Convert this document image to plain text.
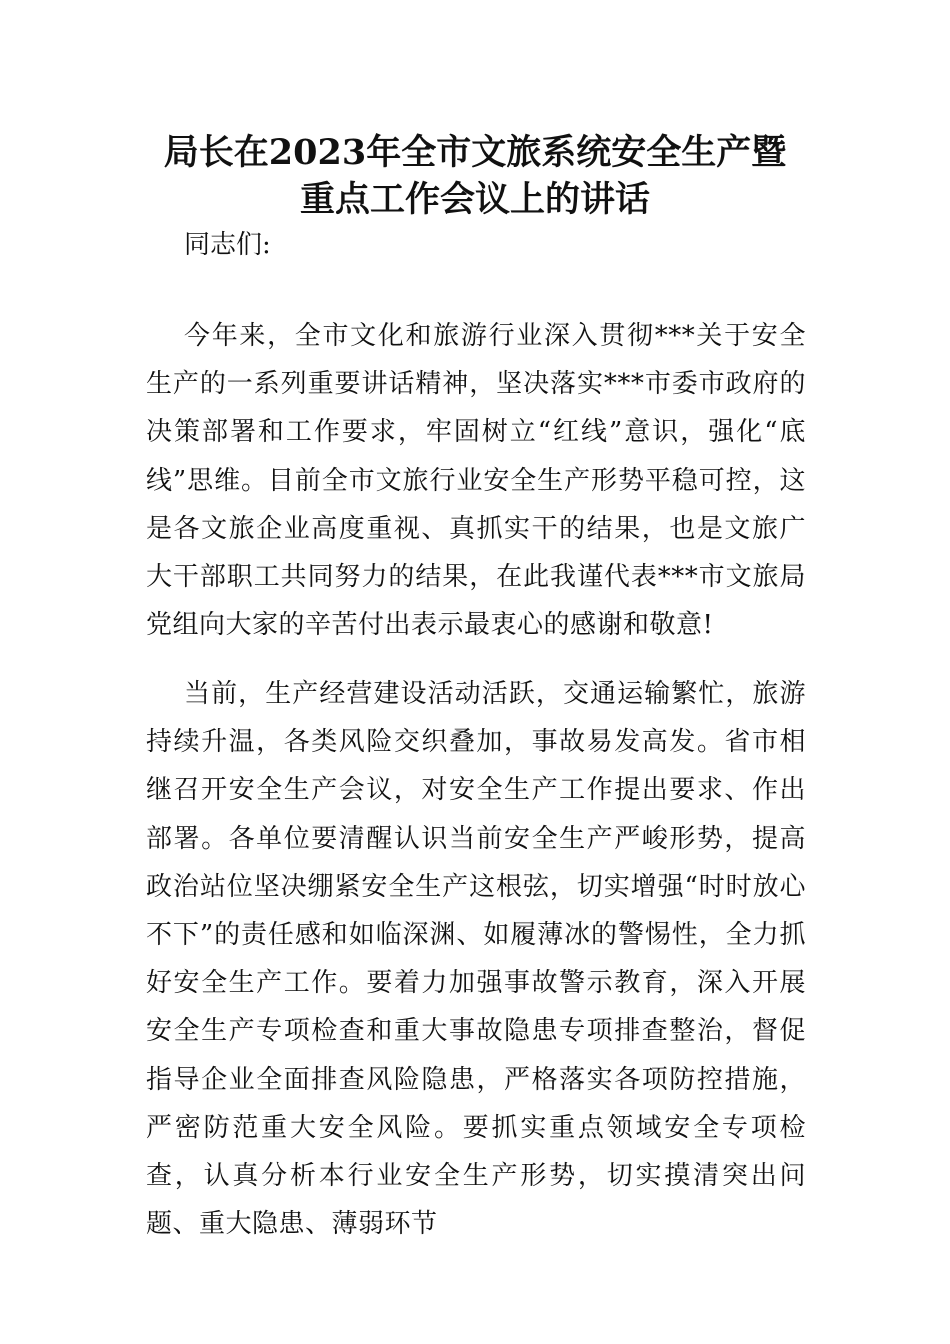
局长在2023年全市文旅系统安全生产暨
重点工作会议上的讲话
同志们:

今年来，全市文化和旅游行业深入贯彻***关于安全生产的一系列重要讲话精神，坚决落实***市委市政府的决策部署和工作要求，牢固树立“红线”意识，强化“底线”思维。目前全市文旅行业安全生产形势平稳可控，这是各文旅企业高度重视、真抓实干的结果，也是文旅广大干部职工共同努力的结果，在此我谨代表***市文旅局党组向大家的辛苦付出表示最衷心的感谢和敬意!

当前，生产经营建设活动活跃，交通运输繁忙，旅游持续升温，各类风险交织叠加，事故易发高发。省市相继召开安全生产会议，对安全生产工作提出要求、作出部署。各单位要清醒认识当前安全生产严峻形势，提高政治站位坚决绷紧安全生产这根弦，切实增强“时时放心不下”的责任感和如临深渊、如履薄冰的警惕性，全力抓好安全生产工作。要着力加强事故警示教育，深入开展安全生产专项检查和重大事故隐患专项排查整治，督促指导企业全面排查风险隐患，严格落实各项防控措施，严密防范重大安全风险。要抓实重点领域安全专项检查，认真分析本行业安全生产形势，切实摸清突出问题、重大隐患、薄弱环节
